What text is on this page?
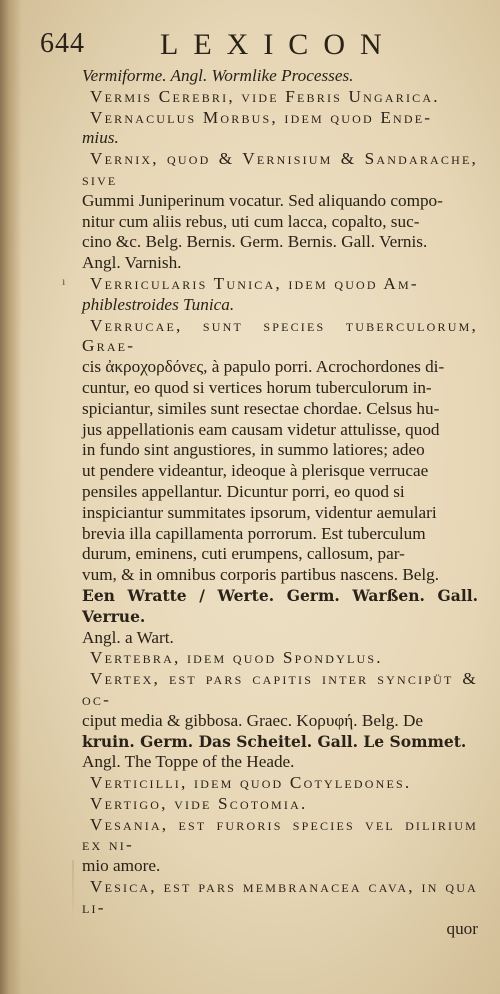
644	LEXICON
ı

Vermiforme. Angl. Wormlike Processes.

Vermis Cerebri, vide Febris Ungarica.

Vernaculus Morbus, idem quod Ende-
mius.

Vernix, quod & Vernisium & Sandarache, sive
Gummi Juniperinum vocatur. Sed aliquando compo-
nitur cum aliis rebus, uti cum lacca, copalto, suc-
cino &c. Belg. Bernis. Germ. Bernis. Gall. Vernis.
Angl. Varnish.

Verricularis Tunica, idem quod Am-
phiblestroides Tunica.

Verrucae, sunt species tuberculorum, Grae-
cis ἀκροχορδόνες, à papulo porri. Acrochordones di-
cuntur, eo quod si vertices horum tuberculorum in-
spiciantur, similes sunt resectae chordae. Celsus hu-
jus appellationis eam causam videtur attulisse, quod
in fundo sint angustiores, in summo latiores; adeo
ut pendere videantur, ideoque à plerisque verrucae
pensiles appellantur. Dicuntur porri, eo quod si
inspiciantur summitates ipsorum, videntur aemulari
brevia illa capillamenta porrorum. Est tuberculum
durum, eminens, cuti erumpens, callosum, par-
vum, & in omnibus corporis partibus nascens. Belg.
Een Wratte / Werte. Germ. Warßen. Gall. Verrue.
Angl. a Wart.

Vertebra, idem quod Spondylus.

Vertex, est pars capitis inter syncipüt & oc-
ciput media & gibbosa. Graec. Κορυφή. Belg. De
kruin. Germ. Das Scheitel. Gall. Le Sommet.
Angl. The Toppe of the Heade.

Verticilli, idem quod Cotyledones.

Vertigo, vide Scotomia.

Vesania, est furoris species vel dilirium ex ni-
mio amore.

Vesica, est pars membranacea cava, in qua li-

quor
